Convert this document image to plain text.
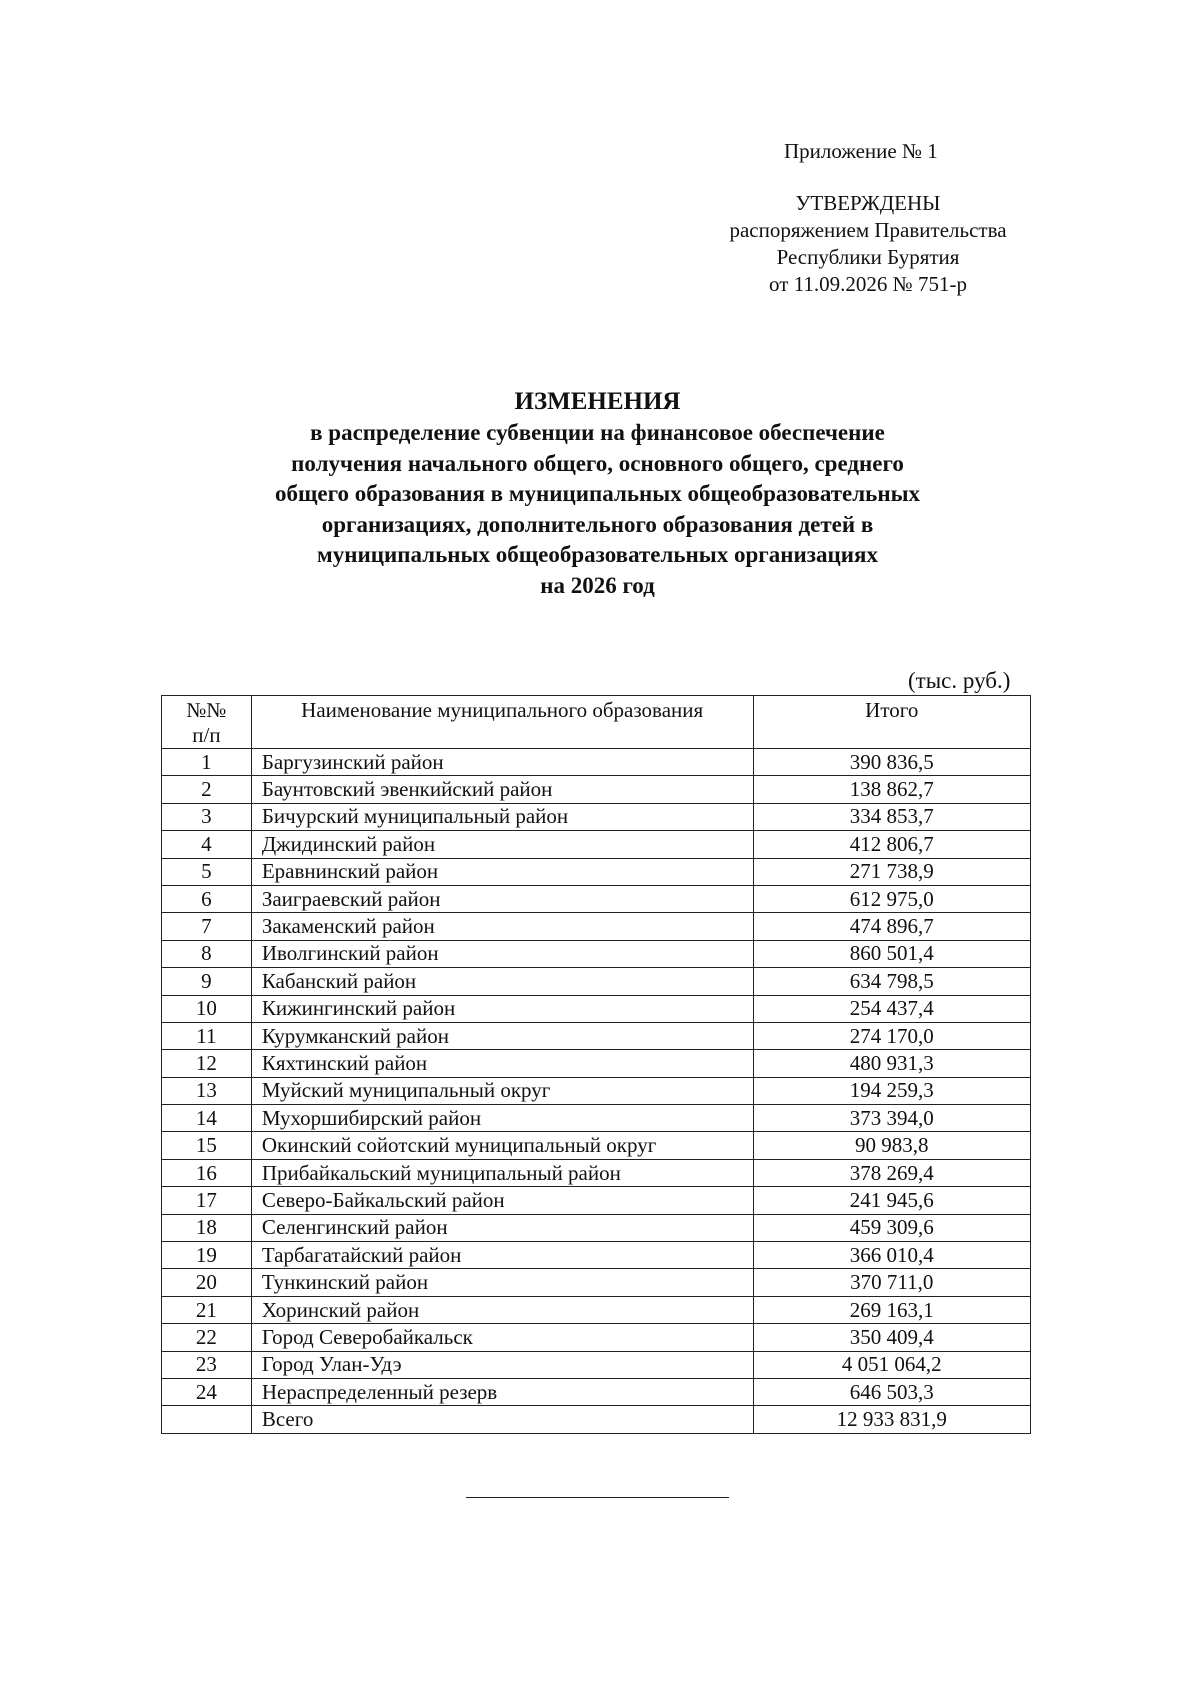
Приложение № 1
УТВЕРЖДЕНЫ
распоряжением Правительства
Республики Бурятия
от 11.09.2026 № 751-р
ИЗМЕНЕНИЯ
в распределение субвенции на финансовое обеспечение
получения начального общего, основного общего, среднего
общего образования в муниципальных общеобразовательных
организациях, дополнительного образования детей в
муниципальных общеобразовательных организациях
на 2026 год
(тыс. руб.)
№№
п/п	Наименование муниципального образования	Итого
1	Баргузинский район	390 836,5
2	Баунтовский эвенкийский район	138 862,7
3	Бичурский муниципальный район	334 853,7
4	Джидинский район	412 806,7
5	Еравнинский район	271 738,9
6	Заиграевский район	612 975,0
7	Закаменский район	474 896,7
8	Иволгинский район	860 501,4
9	Кабанский район	634 798,5
10	Кижингинский район	254 437,4
11	Курумканский район	274 170,0
12	Кяхтинский район	480 931,3
13	Муйский муниципальный округ	194 259,3
14	Мухоршибирский район	373 394,0
15	Окинский сойотский муниципальный округ	90 983,8
16	Прибайкальский муниципальный район	378 269,4
17	Северо-Байкальский район	241 945,6
18	Селенгинский район	459 309,6
19	Тарбагатайский район	366 010,4
20	Тункинский район	370 711,0
21	Хоринский район	269 163,1
22	Город Северобайкальск	350 409,4
23	Город Улан-Удэ	4 051 064,2
24	Нераспределенный резерв	646 503,3
	Всего	12 933 831,9
